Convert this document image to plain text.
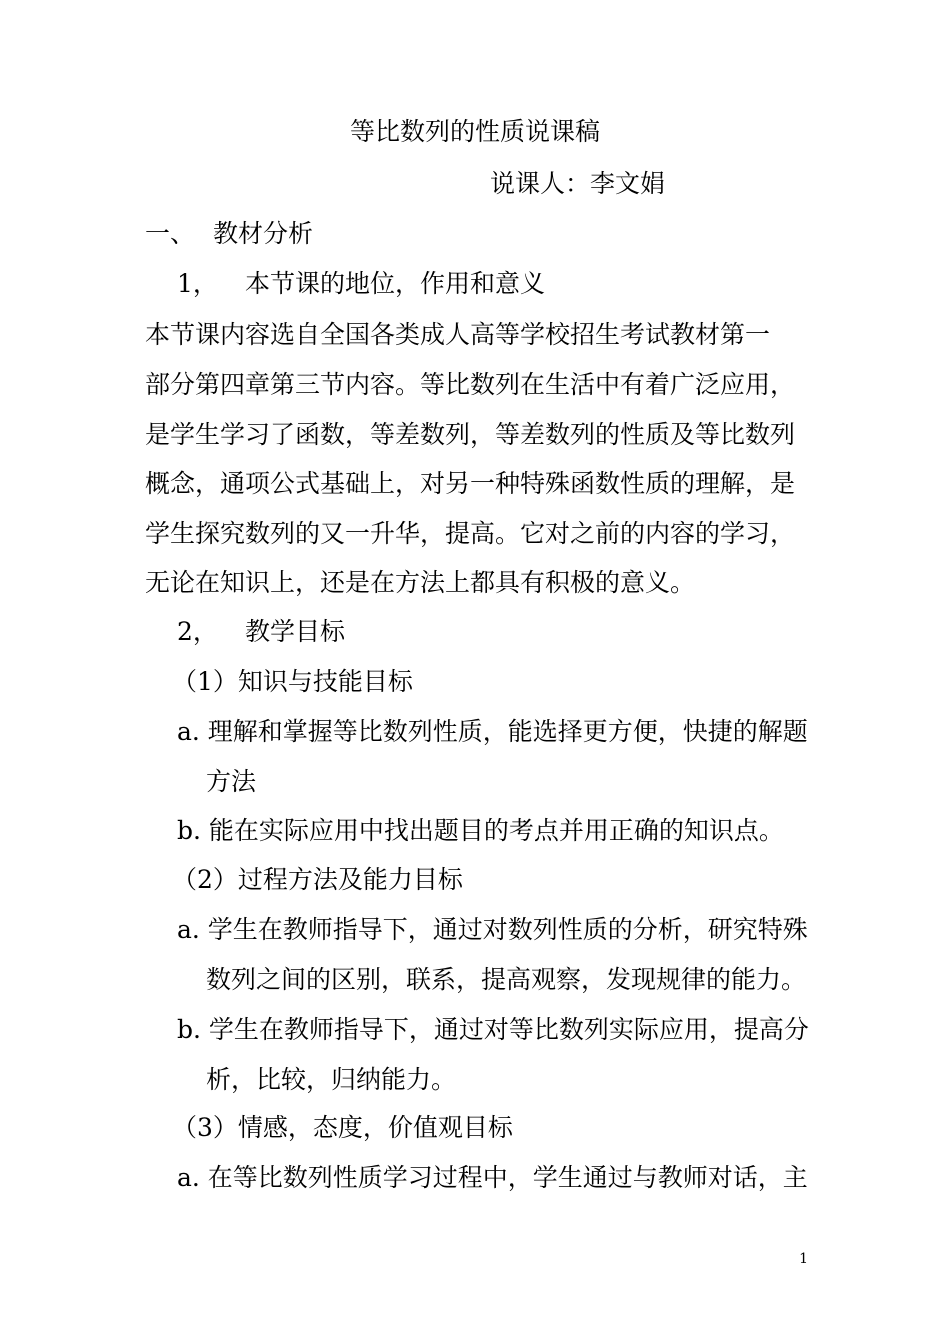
等比数列的性质说课稿

说课人：李文娟

一、 教材分析

1， 本节课的地位，作用和意义

本节课内容选自全国各类成人高等学校招生考试教材第一

部分第四章第三节内容。等比数列在生活中有着广泛应用，

是学生学习了函数，等差数列，等差数列的性质及等比数列

概念，通项公式基础上，对另一种特殊函数性质的理解，是

学生探究数列的又一升华，提高。它对之前的内容的学习，

无论在知识上，还是在方法上都具有积极的意义。

2， 教学目标

（1）知识与技能目标

a. 理解和掌握等比数列性质，能选择更方便，快捷的解题

方法

b. 能在实际应用中找出题目的考点并用正确的知识点。

（2）过程方法及能力目标

a. 学生在教师指导下，通过对数列性质的分析，研究特殊

数列之间的区别，联系，提高观察，发现规律的能力。

b. 学生在教师指导下，通过对等比数列实际应用，提高分

析，比较，归纳能力。

（3）情感，态度，价值观目标

a. 在等比数列性质学习过程中，学生通过与教师对话，主

1
